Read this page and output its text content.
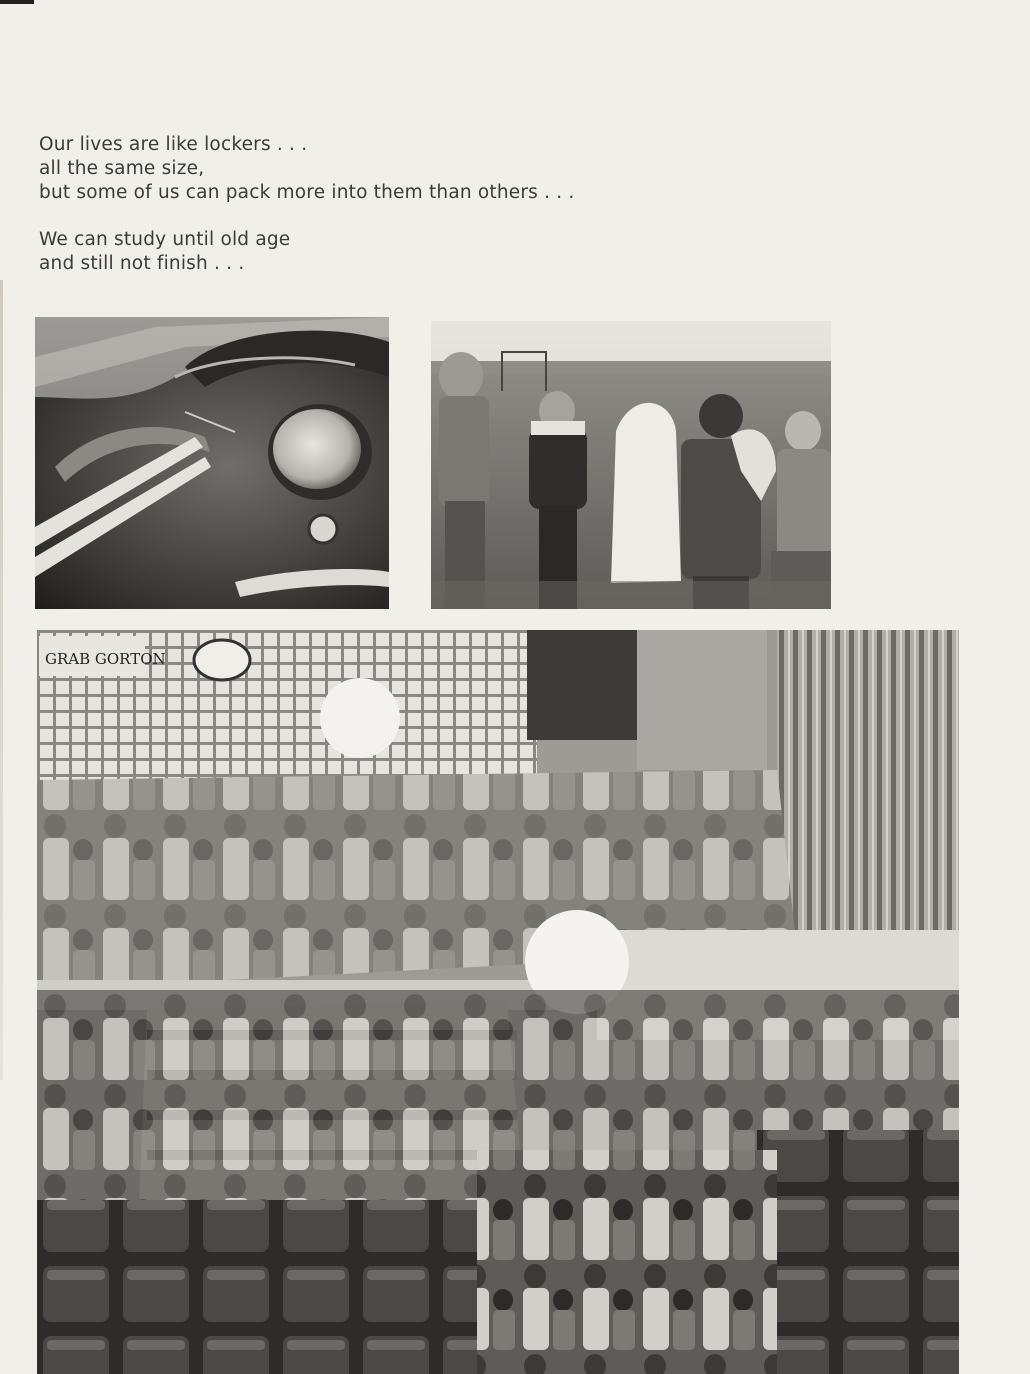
Our lives are like lockers . . .
all the same size,
but some of us can pack more into them than others . . .
We can study until old age
and still not finish . . .
GRAB GORTON
